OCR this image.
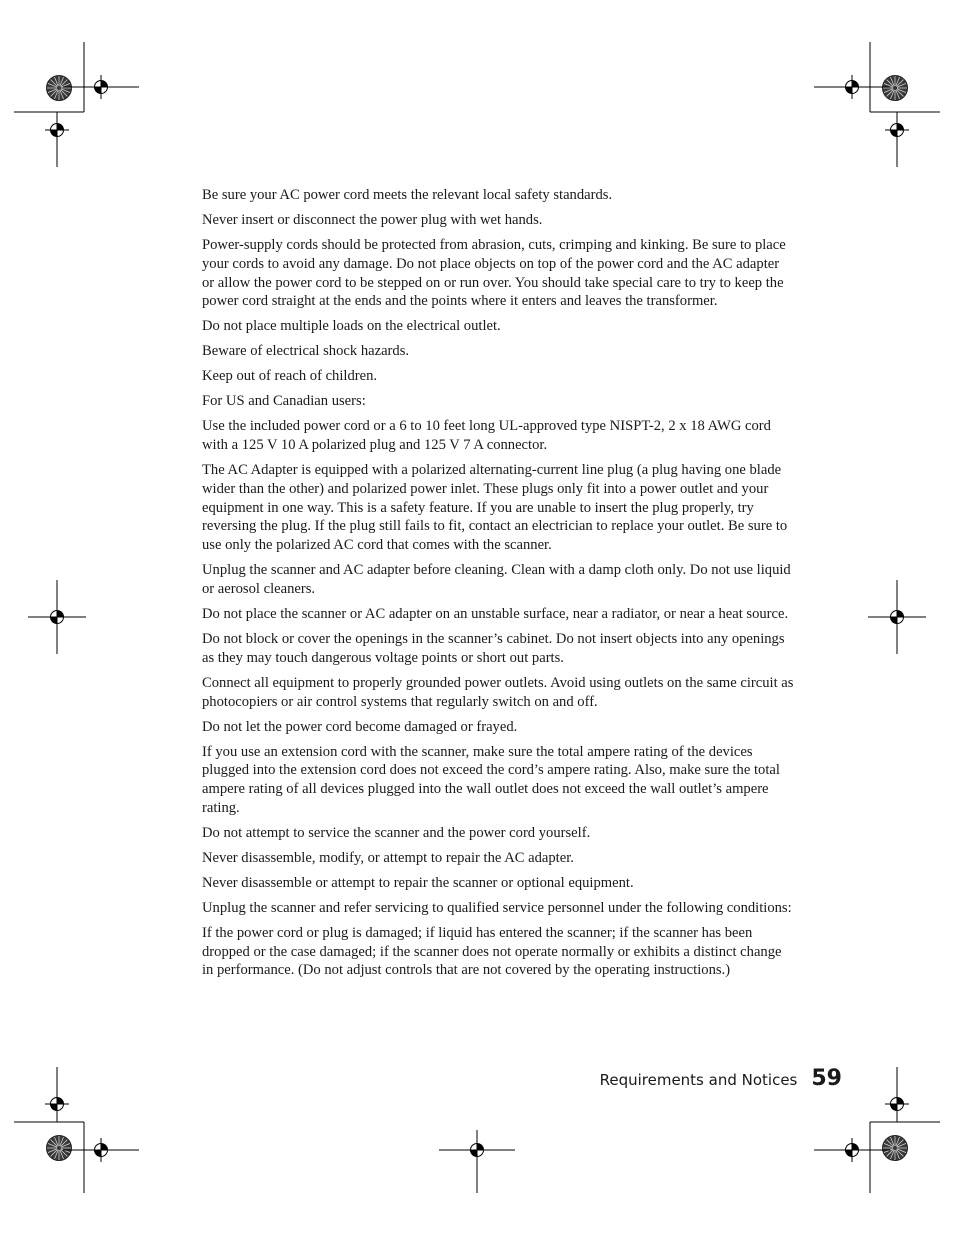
Be sure your AC power cord meets the relevant local safety standards.

Never insert or disconnect the power plug with wet hands.

Power-supply cords should be protected from abrasion, cuts, crimping and kinking. Be sure to place your cords to avoid any damage. Do not place objects on top of the power cord and the AC adapter or allow the power cord to be stepped on or run over. You should take special care to try to keep the power cord straight at the ends and the points where it enters and leaves the transformer.

Do not place multiple loads on the electrical outlet.

Beware of electrical shock hazards.

Keep out of reach of children.

For US and Canadian users:

Use the included power cord or a 6 to 10 feet long UL-approved type NISPT-2, 2 x 18 AWG cord with a 125 V 10 A polarized plug and 125 V 7 A connector.

The AC Adapter is equipped with a polarized alternating-current line plug (a plug having one blade wider than the other) and polarized power inlet. These plugs only fit into a power outlet and your equipment in one way. This is a safety feature. If you are unable to insert the plug properly, try reversing the plug. If the plug still fails to fit, contact an electrician to replace your outlet. Be sure to use only the polarized AC cord that comes with the scanner.

Unplug the scanner and AC adapter before cleaning. Clean with a damp cloth only. Do not use liquid or aerosol cleaners.

Do not place the scanner or AC adapter on an unstable surface, near a radiator, or near a heat source.

Do not block or cover the openings in the scanner’s cabinet. Do not insert objects into any openings as they may touch dangerous voltage points or short out parts.

Connect all equipment to properly grounded power outlets. Avoid using outlets on the same circuit as photocopiers or air control systems that regularly switch on and off.

Do not let the power cord become damaged or frayed.

If you use an extension cord with the scanner, make sure the total ampere rating of the devices plugged into the extension cord does not exceed the cord’s ampere rating. Also, make sure the total ampere rating of all devices plugged into the wall outlet does not exceed the wall outlet’s ampere rating.

Do not attempt to service the scanner and the power cord yourself.

Never disassemble, modify, or attempt to repair the AC adapter.

Never disassemble or attempt to repair the scanner or optional equipment.

Unplug the scanner and refer servicing to qualified service personnel under the following conditions:

If the power cord or plug is damaged; if liquid has entered the scanner; if the scanner has been dropped or the case damaged; if the scanner does not operate normally or exhibits a distinct change in performance. (Do not adjust controls that are not covered by the operating instructions.)

Requirements and Notices 59
